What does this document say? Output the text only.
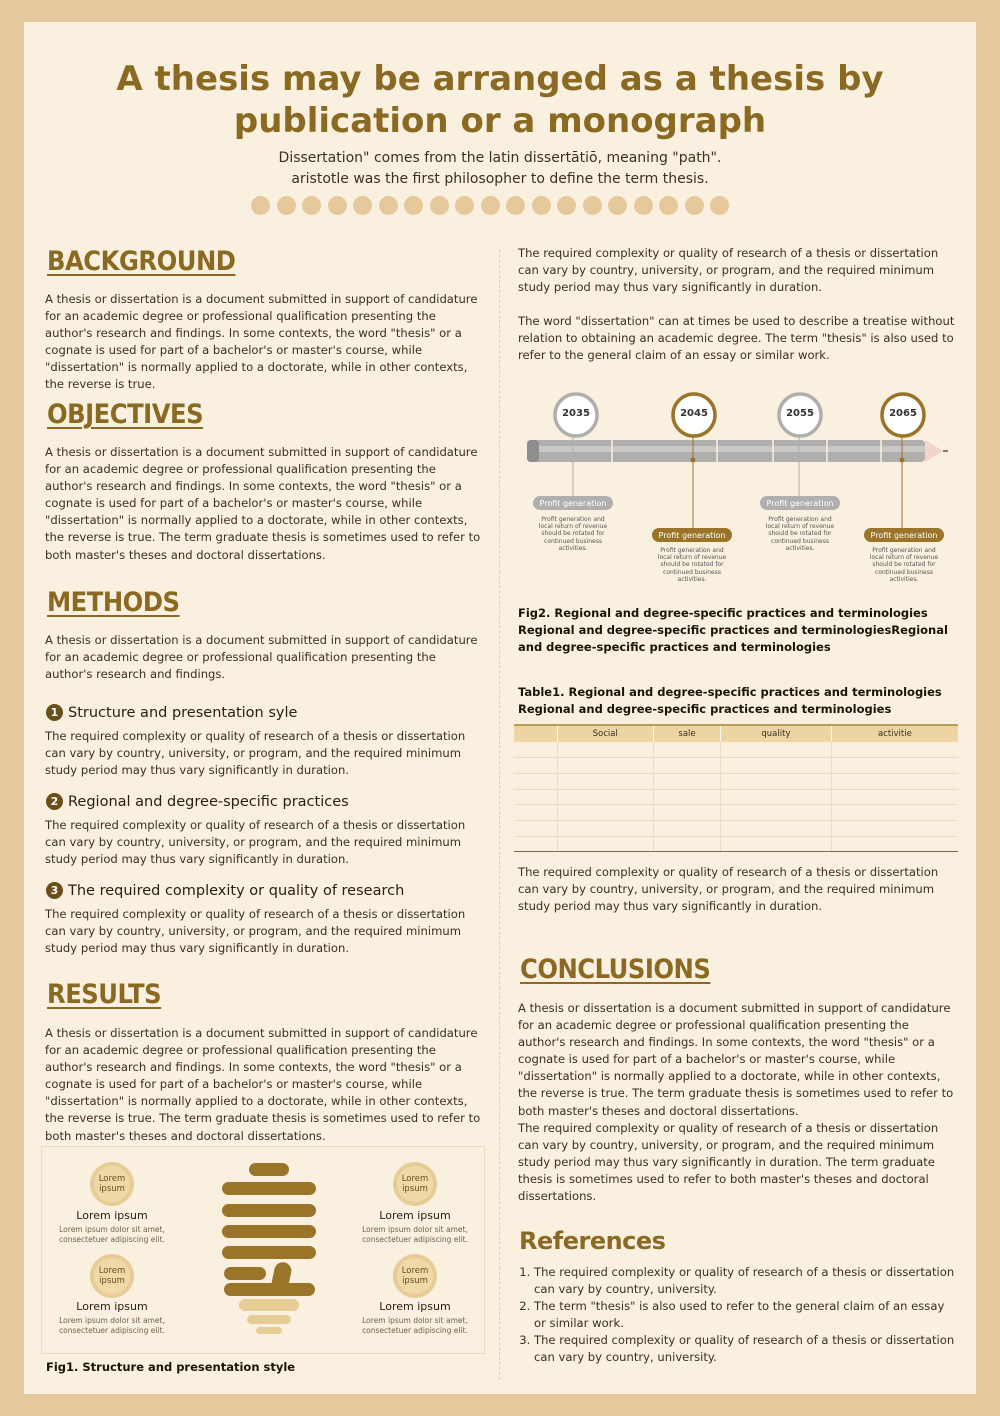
A thesis may be arranged as a thesis by
publication or a monograph
Dissertation" comes from the latin dissertātiō, meaning "path".
aristotle was the first philosopher to define the term thesis.
BACKGROUND
A thesis or dissertation is a document submitted in support of candidature for an academic degree or professional qualification presenting the author's research and findings. In some contexts, the word "thesis" or a cognate is used for part of a bachelor's or master's course, while "dissertation" is normally applied to a doctorate, while in other contexts, the reverse is true.
OBJECTIVES
A thesis or dissertation is a document submitted in support of candidature for an academic degree or professional qualification presenting the author's research and findings. In some contexts, the word "thesis" or a cognate is used for part of a bachelor's or master's course, while "dissertation" is normally applied to a doctorate, while in other contexts, the reverse is true. The term graduate thesis is sometimes used to refer to both master's theses and doctoral dissertations.
METHODS
A thesis or dissertation is a document submitted in support of candidature for an academic degree or professional qualification presenting the author's research and findings.
1 Structure and presentation syle
The required complexity or quality of research of a thesis or dissertation can vary by country, university, or program, and the required minimum study period may thus vary significantly in duration.
2 Regional and degree-specific practices
The required complexity or quality of research of a thesis or dissertation can vary by country, university, or program, and the required minimum study period may thus vary significantly in duration.
3 The required complexity or quality of research
The required complexity or quality of research of a thesis or dissertation can vary by country, university, or program, and the required minimum study period may thus vary significantly in duration.
RESULTS
A thesis or dissertation is a document submitted in support of candidature for an academic degree or professional qualification presenting the author's research and findings. In some contexts, the word "thesis" or a cognate is used for part of a bachelor's or master's course, while "dissertation" is normally applied to a doctorate, while in other contexts, the reverse is true. The term graduate thesis is sometimes used to refer to both master's theses and doctoral dissertations.
Lorem ipsum
Lorem ipsum
Lorem ipsum dolor sit amet, consectetuer adipiscing elit.
Lorem ipsum
Lorem ipsum
Lorem ipsum dolor sit amet, consectetuer adipiscing elit.
Lorem ipsum
Lorem ipsum
Lorem ipsum dolor sit amet, consectetuer adipiscing elit.
Lorem ipsum
Lorem ipsum
Lorem ipsum dolor sit amet, consectetuer adipiscing elit.
Fig1. Structure and presentation style
The required complexity or quality of research of a thesis or dissertation can vary by country, university, or program, and the required minimum study period may thus vary significantly in duration.
The word "dissertation" can at times be used to describe a treatise without relation to obtaining an academic degree. The term "thesis" is also used to refer to the general claim of an essay or similar work.
2035	2045	2055	2065
Profit generation
Profit generation
Profit generation
Profit generation
Profit generation and local return of revenue should be rotated for continued business activities.	Profit generation and local return of revenue should be rotated for continued business activities.
Profit generation and local return of revenue should be rotated for continued business activities.	Profit generation and local return of revenue should be rotated for continued business activities.
Fig2. Regional and degree-specific practices and terminologies
Regional and degree-specific practices and terminologiesRegional and degree-specific practices and terminologies
Table1. Regional and degree-specific practices and terminologies Regional and degree-specific practices and terminologies
	Social	sale	quality	activitie

The required complexity or quality of research of a thesis or dissertation can vary by country, university, or program, and the required minimum study period may thus vary significantly in duration.
CONCLUSIONS
A thesis or dissertation is a document submitted in support of candidature for an academic degree or professional qualification presenting the author's research and findings. In some contexts, the word "thesis" or a cognate is used for part of a bachelor's or master's course, while "dissertation" is normally applied to a doctorate, while in other contexts, the reverse is true. The term graduate thesis is sometimes used to refer to both master's theses and doctoral dissertations.
The required complexity or quality of research of a thesis or dissertation can vary by country, university, or program, and the required minimum study period may thus vary significantly in duration. The term graduate thesis is sometimes used to refer to both master's theses and doctoral dissertations.
References
1. The required complexity or quality of research of a thesis or dissertation can vary by country, university.
2. The term "thesis" is also used to refer to the general claim of an essay or similar work.
3. The required complexity or quality of research of a thesis or dissertation can vary by country, university.
